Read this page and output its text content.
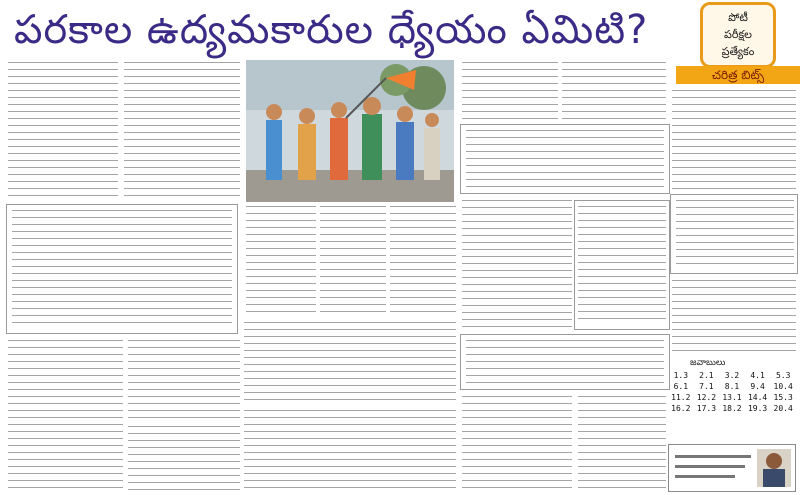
పరకాల ఉద్యమకారుల ధ్యేయం ఏమిటి?	పోటీ
పరీక్షల
ప్రత్యేకం
చరిత్ర బిట్స్
జవాబులు
1.3	2.1	3.2	4.1	5.3
6.1	7.1	8.1	9.4	10.4
11.2	12.2	13.1	14.4	15.3
16.2	17.3	18.2	19.3	20.4
